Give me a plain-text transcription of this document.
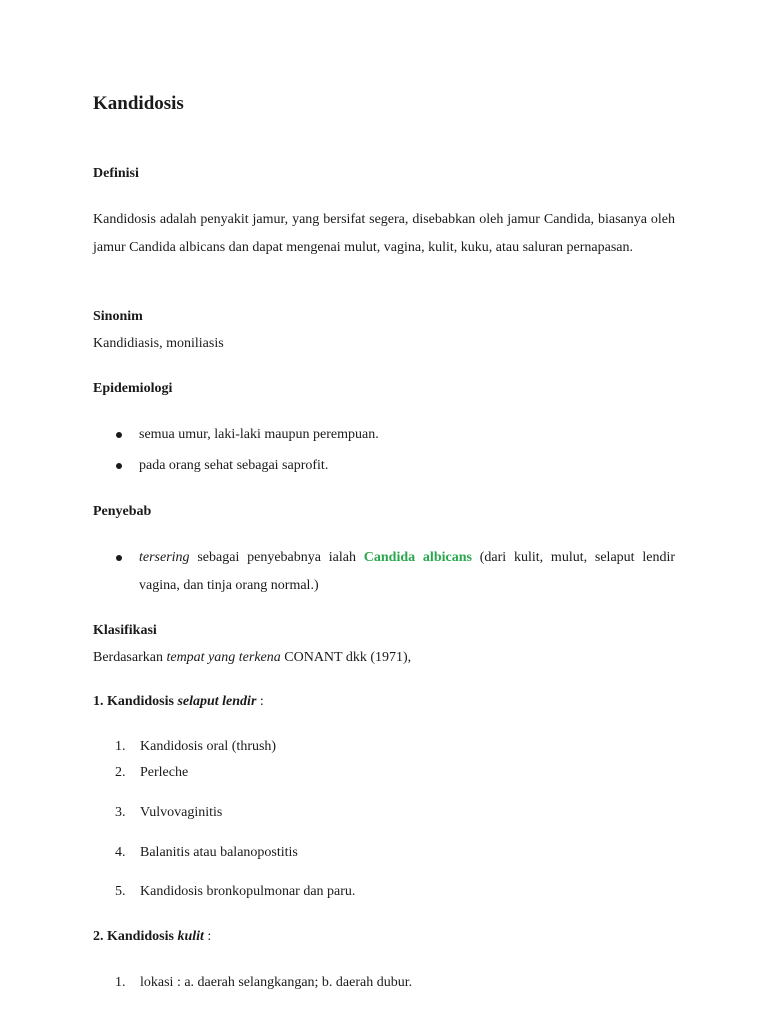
Kandidosis
Definisi
Kandidosis adalah penyakit jamur, yang bersifat segera, disebabkan oleh jamur Candida, biasanya oleh jamur Candida albicans dan dapat mengenai mulut, vagina, kulit, kuku, atau saluran pernapasan.
Sinonim
Kandidiasis, moniliasis
Epidemiologi
semua umur, laki-laki maupun perempuan.
pada orang sehat sebagai saprofit.
Penyebab
tersering sebagai penyebabnya ialah Candida albicans (dari kulit, mulut, selaput lendir vagina, dan tinja orang normal.)
Klasifikasi
Berdasarkan tempat yang terkena CONANT dkk (1971),
1. Kandidosis selaput lendir :
1. Kandidosis oral (thrush)
2. Perleche
3. Vulvovaginitis
4. Balanitis atau balanopostitis
5. Kandidosis bronkopulmonar dan paru.
2. Kandidosis kulit :
1. lokasi : a. daerah selangkangan; b. daerah dubur.
